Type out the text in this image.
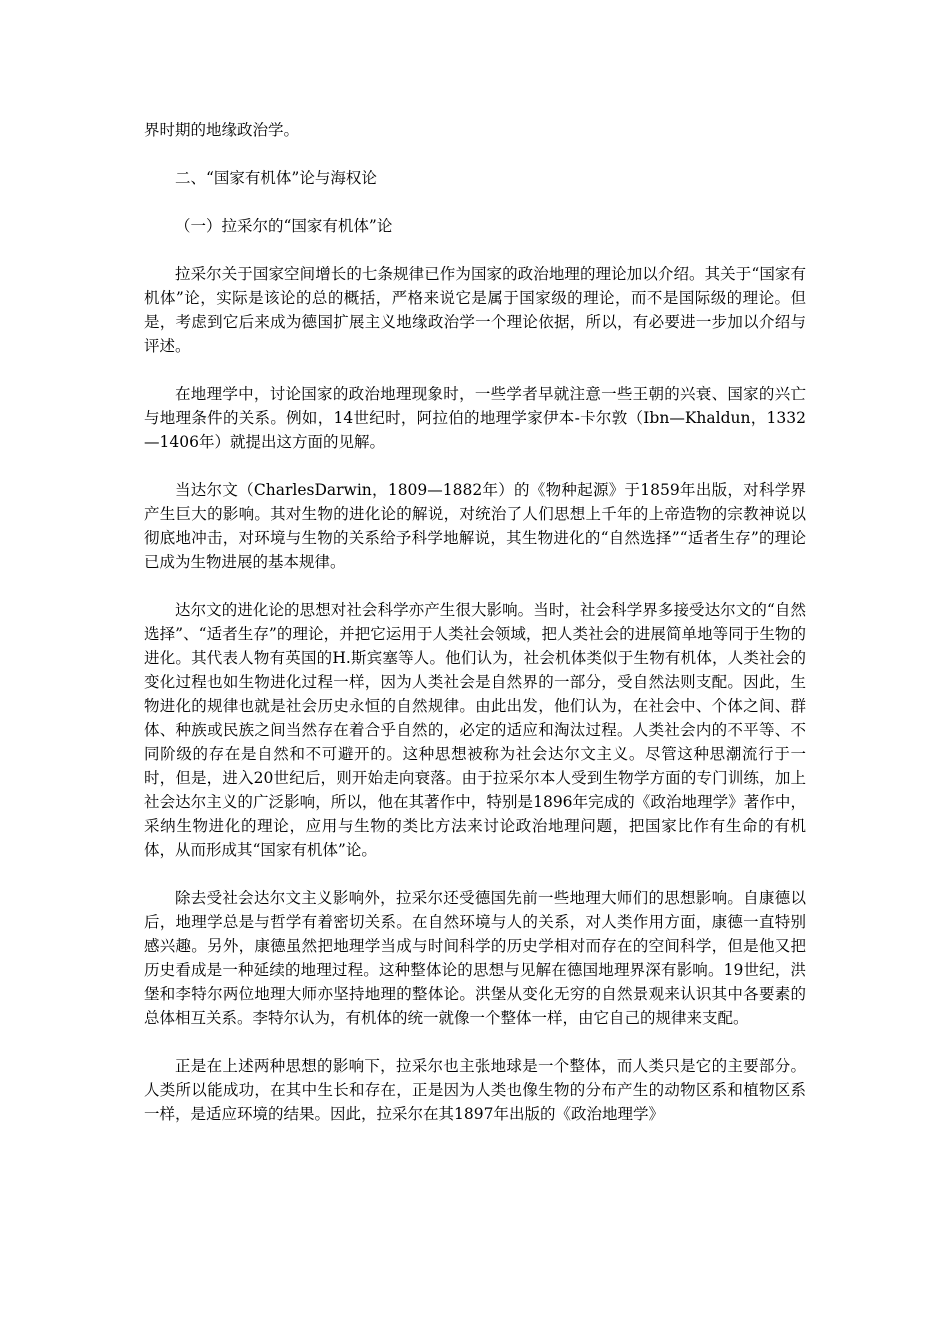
界时期的地缘政治学。

二、“国家有机体”论与海权论

（一）拉采尔的“国家有机体”论

拉采尔关于国家空间增长的七条规律已作为国家的政治地理的理论加以介绍。其关于“国家有机体”论，实际是该论的总的概括，严格来说它是属于国家级的理论，而不是国际级的理论。但是，考虑到它后来成为德国扩展主义地缘政治学一个理论依据，所以，有必要进一步加以介绍与评述。

在地理学中，讨论国家的政治地理现象时，一些学者早就注意一些王朝的兴衰、国家的兴亡与地理条件的关系。例如，14世纪时，阿拉伯的地理学家伊本-卡尔敦（Ibn—Khaldun，1332—1406年）就提出这方面的见解。

当达尔文（CharlesDarwin，1809—1882年）的《物种起源》于1859年出版，对科学界产生巨大的影响。其对生物的进化论的解说，对统治了人们思想上千年的上帝造物的宗教神说以彻底地冲击，对环境与生物的关系给予科学地解说，其生物进化的“自然选择”“适者生存”的理论已成为生物进展的基本规律。

达尔文的进化论的思想对社会科学亦产生很大影响。当时，社会科学界多接受达尔文的“自然选择”、“适者生存”的理论，并把它运用于人类社会领域，把人类社会的进展简单地等同于生物的进化。其代表人物有英国的H.斯宾塞等人。他们认为，社会机体类似于生物有机体，人类社会的变化过程也如生物进化过程一样，因为人类社会是自然界的一部分，受自然法则支配。因此，生物进化的规律也就是社会历史永恒的自然规律。由此出发，他们认为，在社会中、个体之间、群体、种族或民族之间当然存在着合乎自然的，必定的适应和淘汰过程。人类社会内的不平等、不同阶级的存在是自然和不可避开的。这种思想被称为社会达尔文主义。尽管这种思潮流行于一时，但是，进入20世纪后，则开始走向衰落。由于拉采尔本人受到生物学方面的专门训练，加上社会达尔主义的广泛影响，所以，他在其著作中，特别是1896年完成的《政治地理学》著作中，采纳生物进化的理论，应用与生物的类比方法来讨论政治地理问题，把国家比作有生命的有机体，从而形成其“国家有机体”论。

除去受社会达尔文主义影响外，拉采尔还受德国先前一些地理大师们的思想影响。自康德以后，地理学总是与哲学有着密切关系。在自然环境与人的关系，对人类作用方面，康德一直特别感兴趣。另外，康德虽然把地理学当成与时间科学的历史学相对而存在的空间科学，但是他又把历史看成是一种延续的地理过程。这种整体论的思想与见解在德国地理界深有影响。19世纪，洪堡和李特尔两位地理大师亦坚持地理的整体论。洪堡从变化无穷的自然景观来认识其中各要素的总体相互关系。李特尔认为，有机体的统一就像一个整体一样，由它自己的规律来支配。

正是在上述两种思想的影响下，拉采尔也主张地球是一个整体，而人类只是它的主要部分。人类所以能成功，在其中生长和存在，正是因为人类也像生物的分布产生的动物区系和植物区系一样，是适应环境的结果。因此，拉采尔在其1897年出版的《政治地理学》
